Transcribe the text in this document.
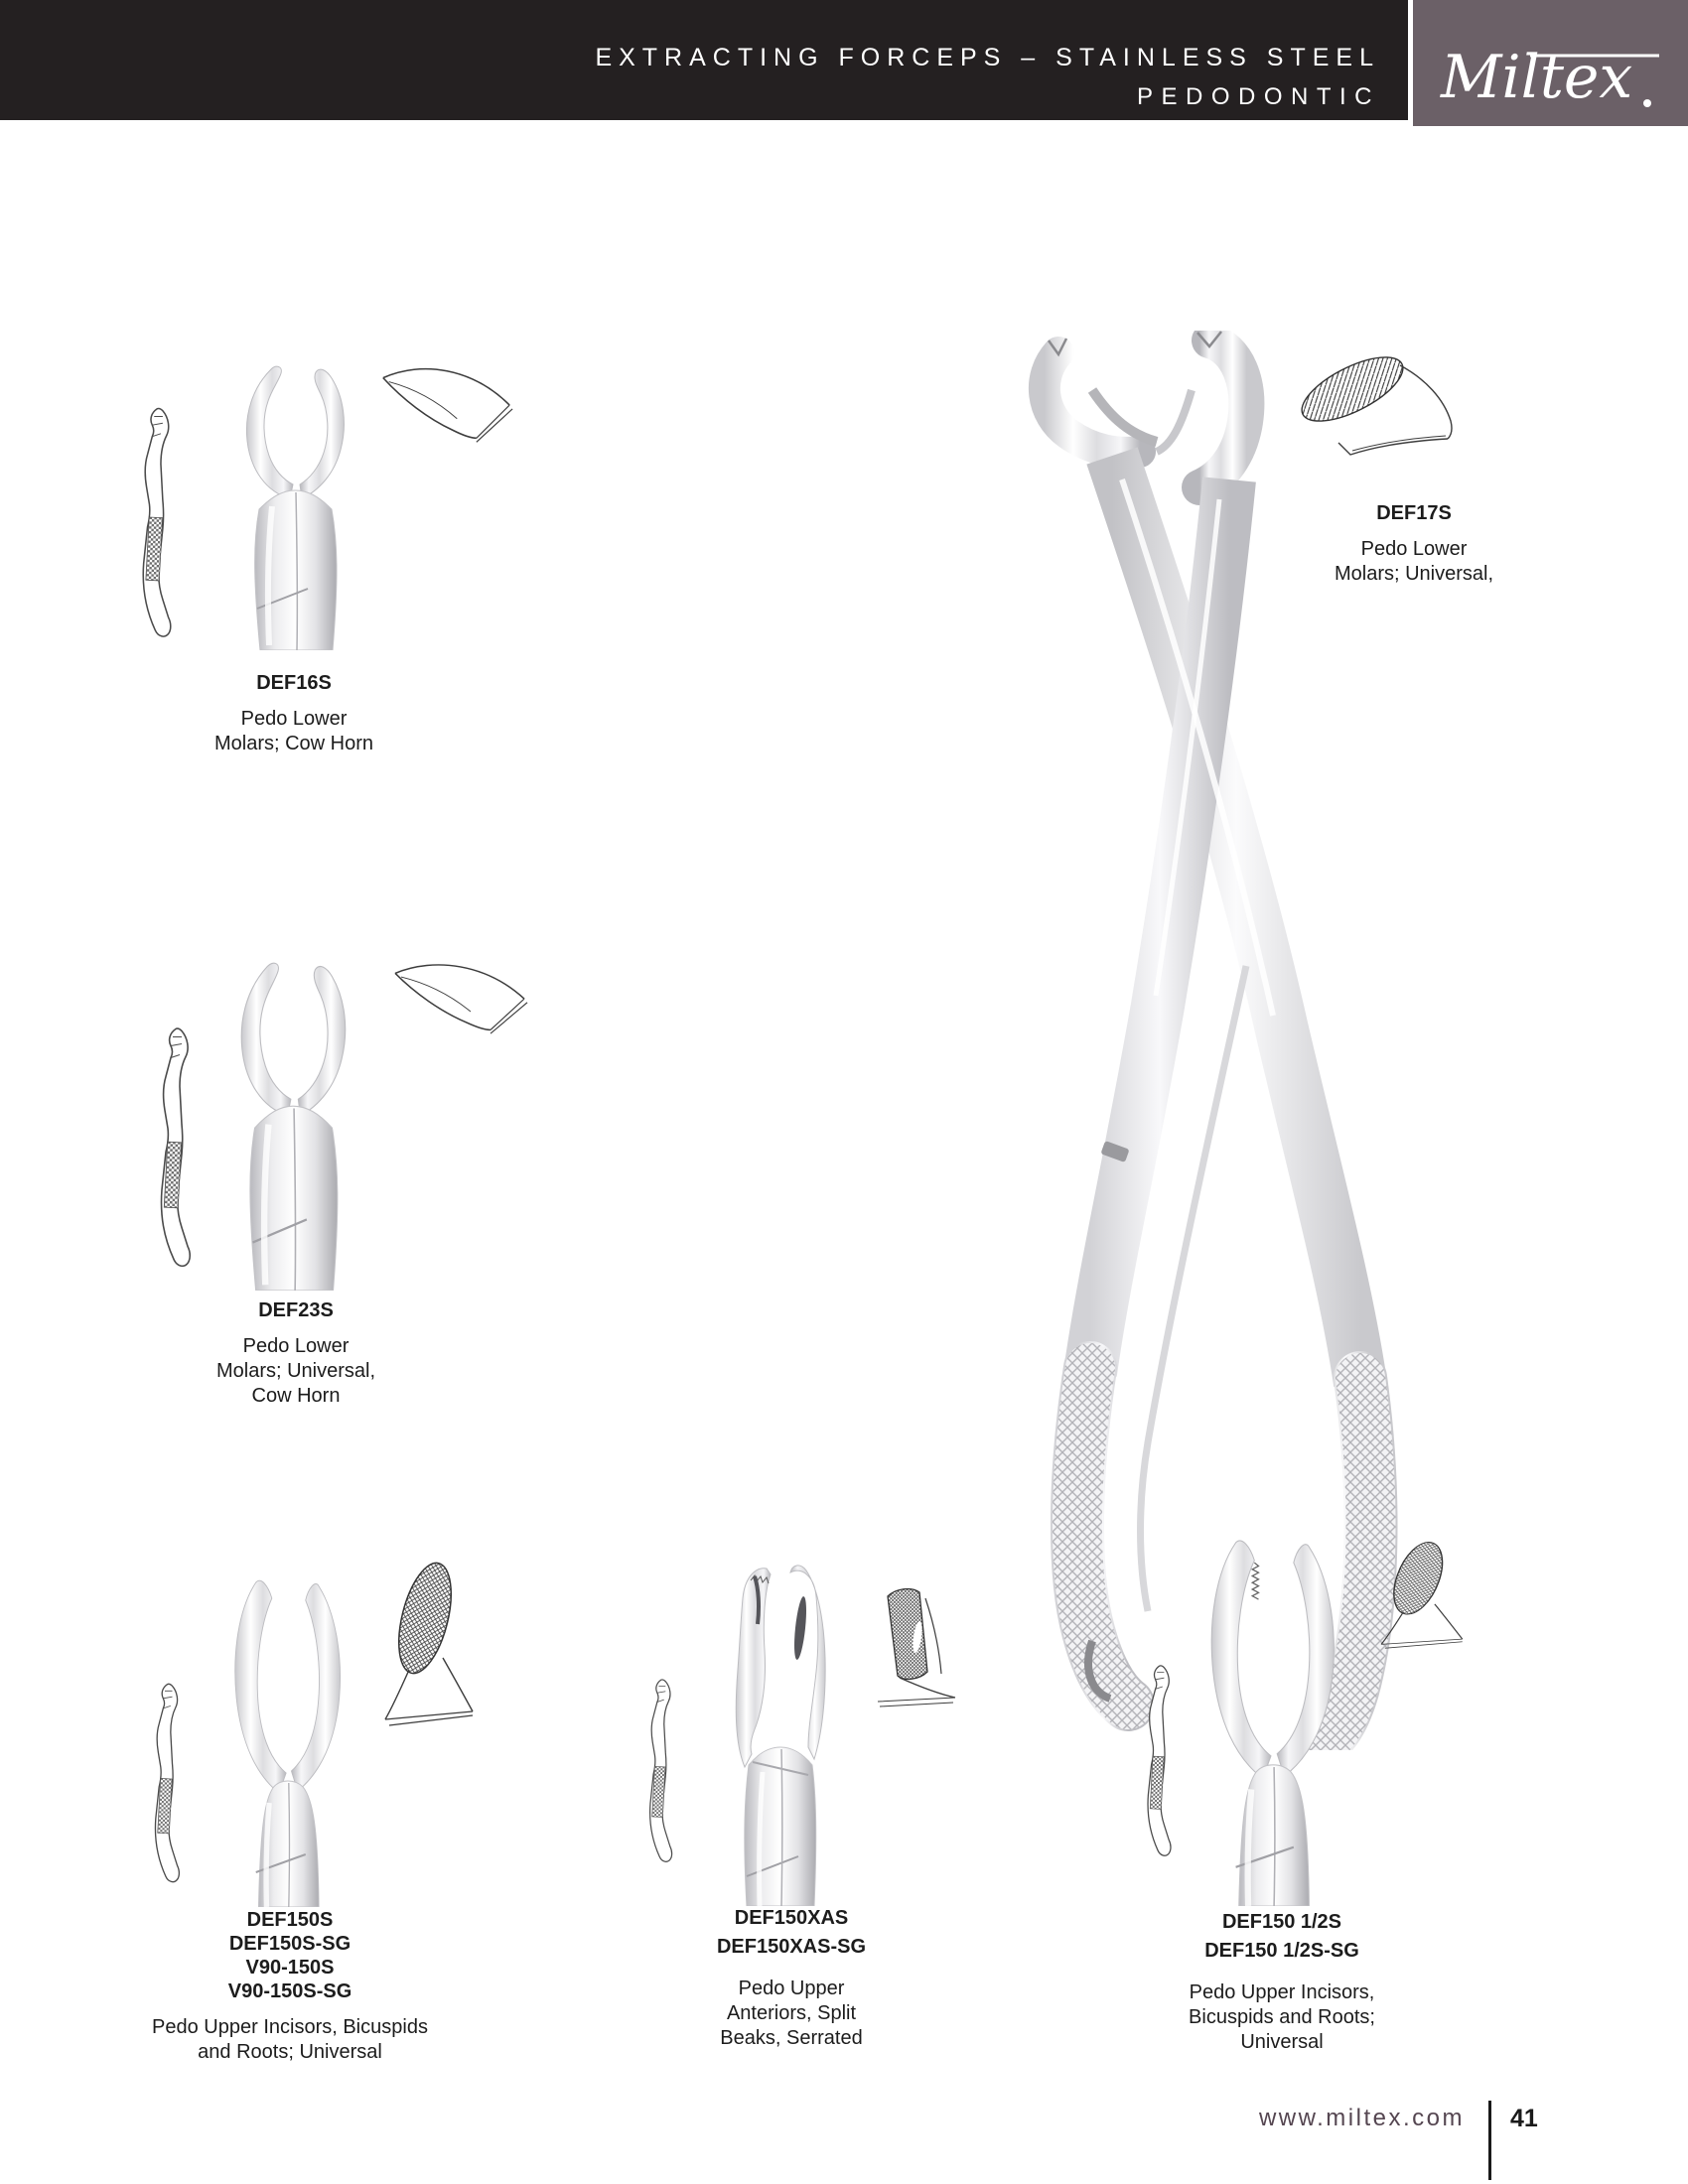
EXTRACTING FORCEPS – STAINLESS STEEL
PEDODONTIC Miltex
DEF16S
Pedo Lower
Molars; Cow Horn
DEF17S
Pedo Lower
Molars; Universal,
DEF23S
Pedo Lower
Molars; Universal,
Cow Horn
DEF150S
DEF150S-SG
V90-150S
V90-150S-SG
Pedo Upper Incisors, Bicuspids
and Roots; Universal
DEF150XAS
DEF150XAS-SG
Pedo Upper
Anteriors, Split
Beaks, Serrated
DEF150 1/2S
DEF150 1/2S-SG
Pedo Upper Incisors,
Bicuspids and Roots;
Universal
www.miltex.com 41
